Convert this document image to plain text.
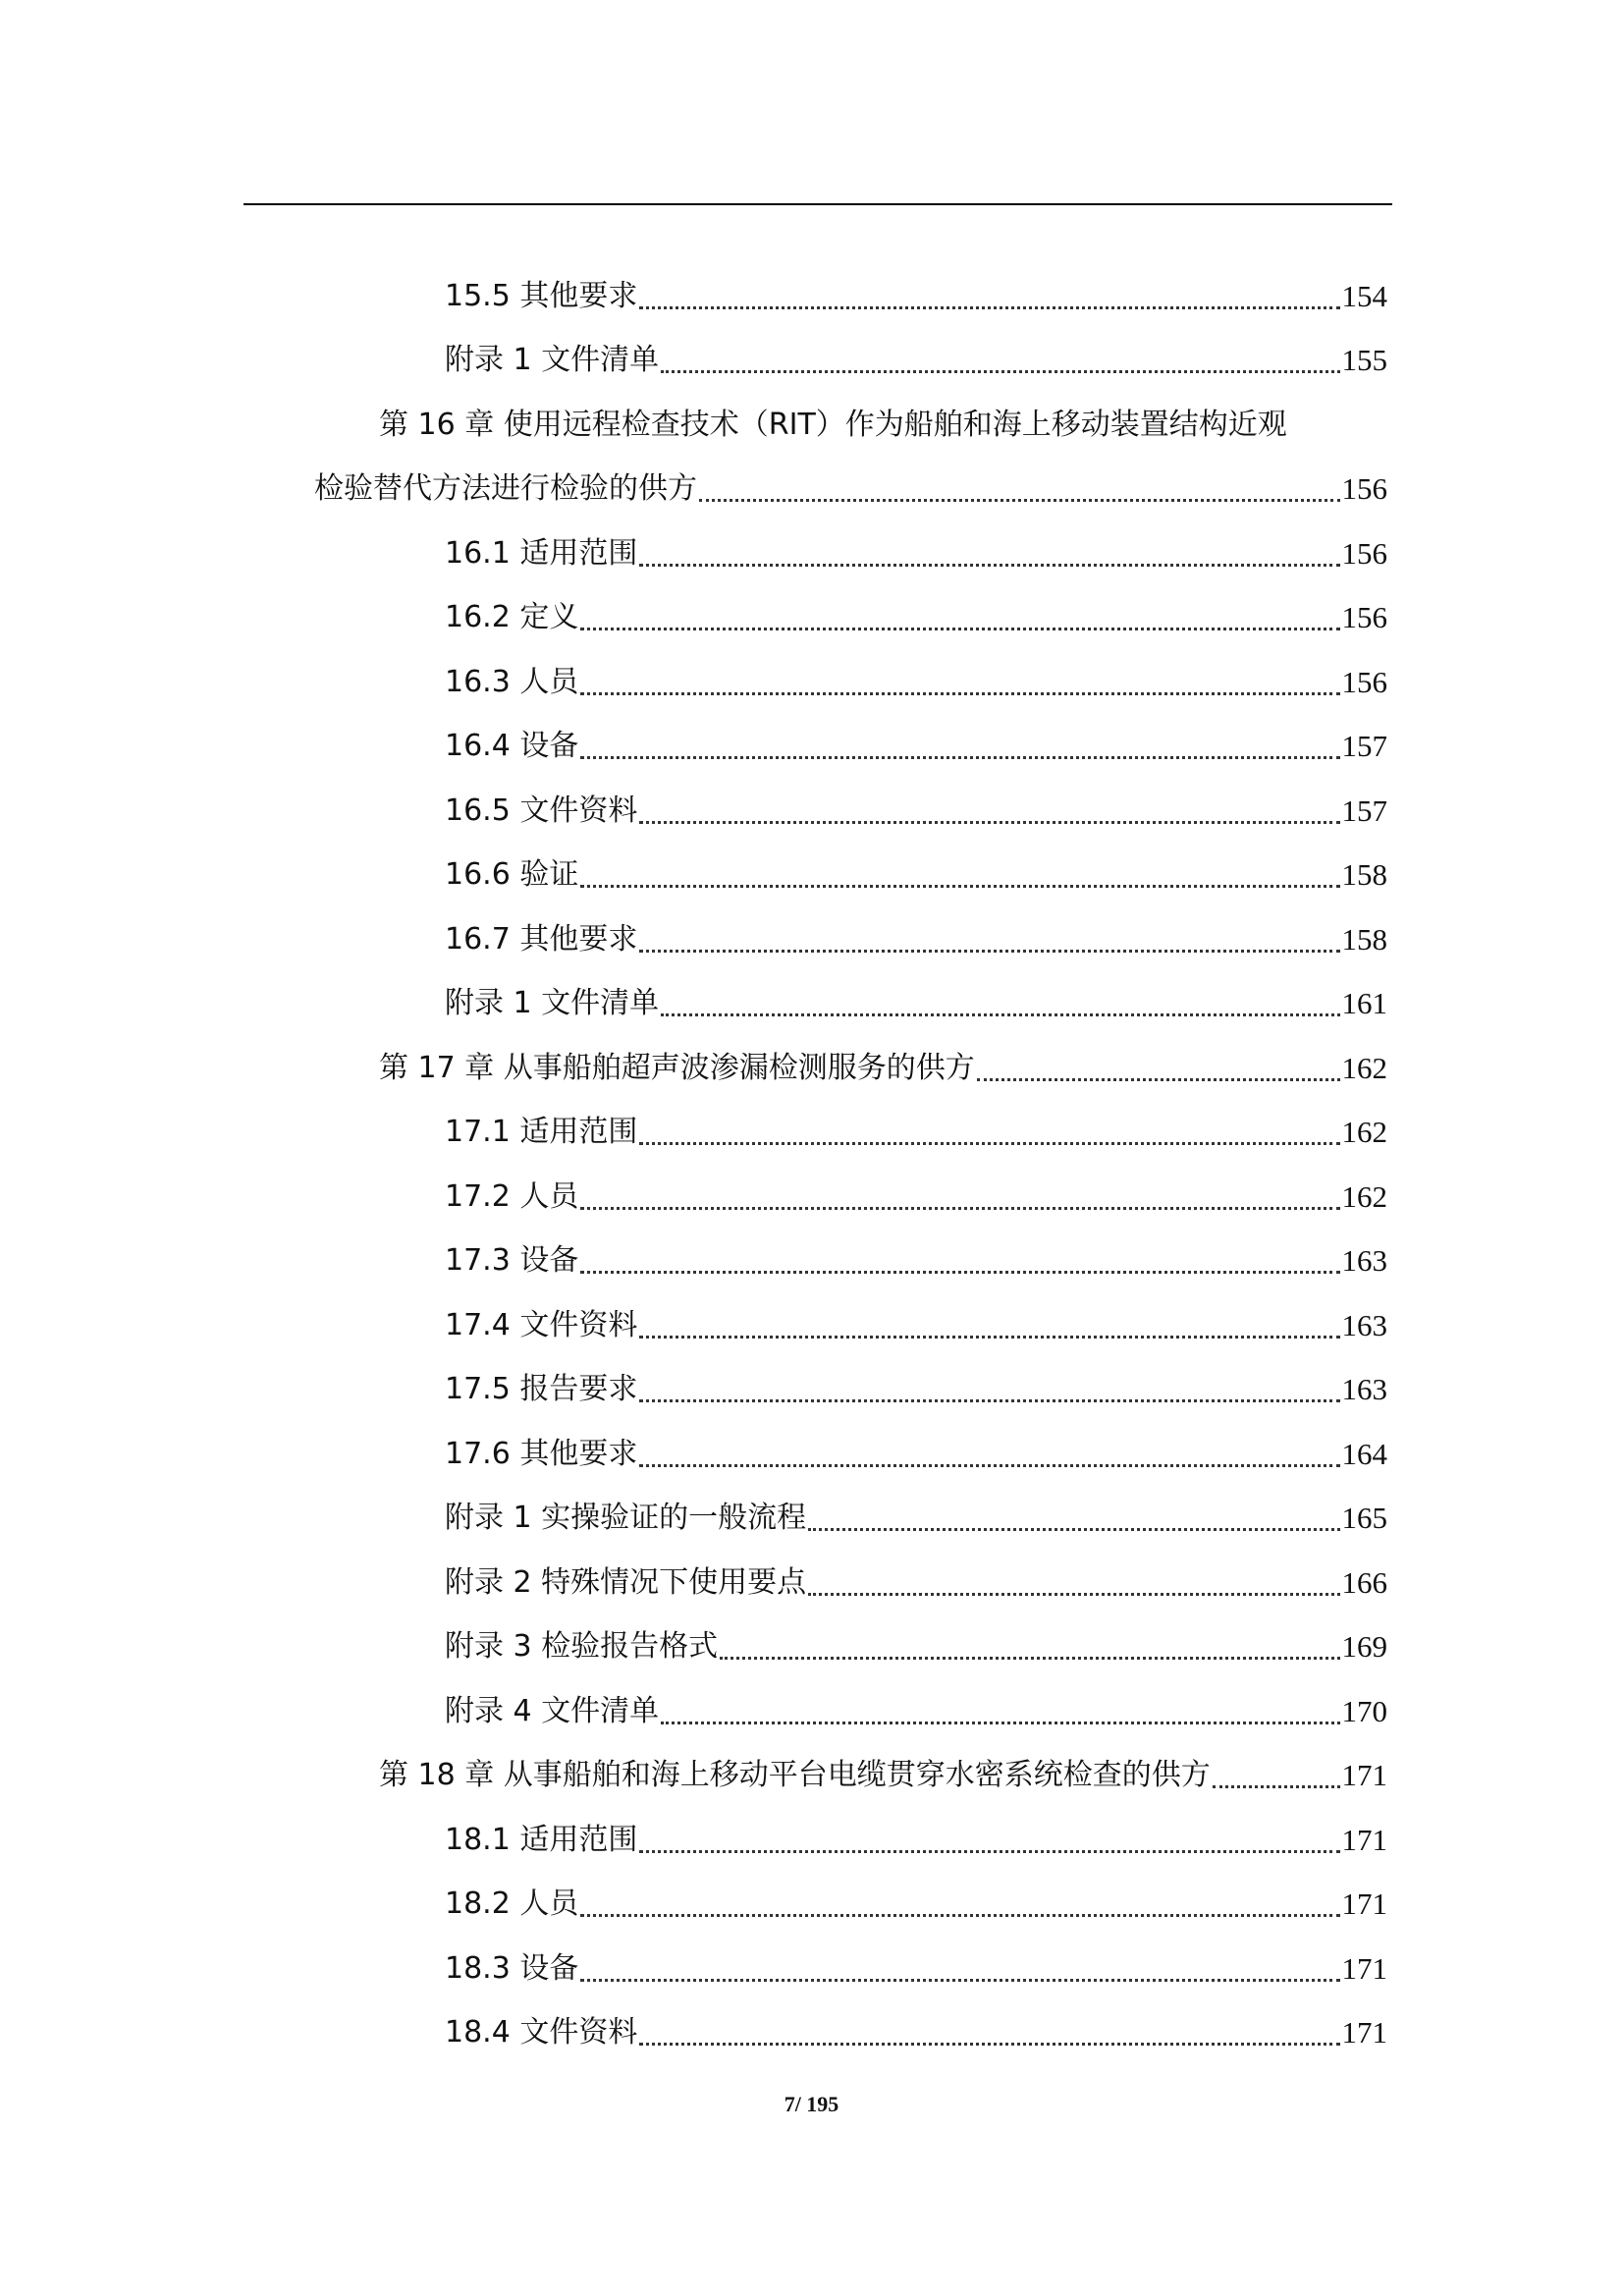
15.5 其他要求	154
附录 1 文件清单	155
第 16 章 使用远程检查技术（RIT）作为船舶和海上移动装置结构近观
检验替代方法进行检验的供方	156
16.1 适用范围	156
16.2 定义	156
16.3 人员	156
16.4 设备	157
16.5 文件资料	157
16.6 验证	158
16.7 其他要求	158
附录 1 文件清单	161
第 17 章 从事船舶超声波渗漏检测服务的供方	162
17.1 适用范围	162
17.2 人员	162
17.3 设备	163
17.4 文件资料	163
17.5 报告要求	163
17.6 其他要求	164
附录 1 实操验证的一般流程	165
附录 2 特殊情况下使用要点	166
附录 3 检验报告格式	169
附录 4 文件清单	170
第 18 章 从事船舶和海上移动平台电缆贯穿水密系统检查的供方	171
18.1 适用范围	171
18.2 人员	171
18.3 设备	171
18.4 文件资料	171
7/ 195
